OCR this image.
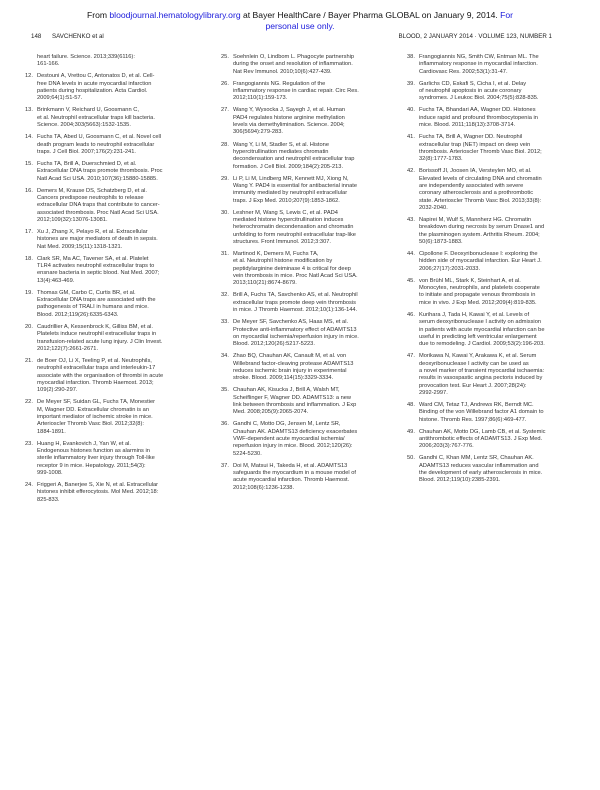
From bloodjournal.hematologylibrary.org at Bayer HealthCare / Bayer Pharma GLOBAL on January 9, 2014. For
personal use only.
148 SAVCHENKO et al	BLOOD, 2 JANUARY 2014 · VOLUME 123, NUMBER 1
heart failure. Science. 2013;339(6116):
161-166.
12. Destouni A, Vrettou C, Antonatos D, et al. Cell-
free DNA levels in acute myocardial infarction
patients during hospitalization. Acta Cardiol.
2009;64(1):51-57.
13. Brinkmann V, Reichard U, Goosmann C,
et al. Neutrophil extracellular traps kill bacteria.
Science. 2004;303(5663):1532-1535.
14. Fuchs TA, Abed U, Goosmann C, et al. Novel cell
death program leads to neutrophil extracellular
traps. J Cell Biol. 2007;176(2):231-241.
15. Fuchs TA, Brill A, Duerschmied D, et al.
Extracellular DNA traps promote thrombosis. Proc
Natl Acad Sci USA. 2010;107(36):15880-15885.
16. Demers M, Krause DS, Schatzberg D, et al.
Cancers predispose neutrophils to release
extracellular DNA traps that contribute to cancer-
associated thrombosis. Proc Natl Acad Sci USA.
2012;109(32):13076-13081.
17. Xu J, Zhang X, Pelayo R, et al. Extracellular
histones are major mediators of death in sepsis.
Nat Med. 2009;15(11):1318-1321.
18. Clark SR, Ma AC, Tavener SA, et al. Platelet
TLR4 activates neutrophil extracellular traps to
ensnare bacteria in septic blood. Nat Med. 2007;
13(4):463-469.
19. Thomas GM, Carbo C, Curtis BR, et al.
Extracellular DNA traps are associated with the
pathogenesis of TRALI in humans and mice.
Blood. 2012;119(26):6335-6343.
20. Caudrillier A, Kessenbrock K, Gilliss BM, et al.
Platelets induce neutrophil extracellular traps in
transfusion-related acute lung injury. J Clin Invest.
2012;122(7):2661-2671.
21. de Boer OJ, Li X, Teeling P, et al. Neutrophils,
neutrophil extracellular traps and interleukin-17
associate with the organisation of thrombi in acute
myocardial infarction. Thromb Haemost. 2013;
109(2):290-297.
22. De Meyer SF, Suidan GL, Fuchs TA, Monestier
M, Wagner DD. Extracellular chromatin is an
important mediator of ischemic stroke in mice.
Arterioscler Thromb Vasc Biol. 2012;32(8):
1884-1891.
23. Huang H, Evankovich J, Yan W, et al.
Endogenous histones function as alarmins in
sterile inflammatory liver injury through Toll-like
receptor 9 in mice. Hepatology. 2011;54(3):
999-1008.
24. Friggeri A, Banerjee S, Xie N, et al. Extracellular
histones inhibit efferocytosis. Mol Med. 2012;18:
825-833.
25. Soehnlein O, Lindbom L. Phagocyte partnership
during the onset and resolution of inflammation.
Nat Rev Immunol. 2010;10(6):427-439.
26. Frangogiannis NG. Regulation of the
inflammatory response in cardiac repair. Circ Res.
2012;110(1):159-173.
27. Wang Y, Wysocka J, Sayegh J, et al. Human
PAD4 regulates histone arginine methylation
levels via demethylimination. Science. 2004;
306(5694):279-283.
28. Wang Y, Li M, Stadler S, et al. Histone
hypercitrullination mediates chromatin
decondensation and neutrophil extracellular trap
formation. J Cell Biol. 2009;184(2):205-213.
29. Li P, Li M, Lindberg MR, Kennett MJ, Xiong N,
Wang Y. PAD4 is essential for antibacterial innate
immunity mediated by neutrophil extracellular
traps. J Exp Med. 2010;207(9):1853-1862.
30. Leshner M, Wang S, Lewis C, et al. PAD4
mediated histone hypercitrullination induces
heterochromatin decondensation and chromatin
unfolding to form neutrophil extracellular trap-like
structures. Front Immunol. 2012;3:307.
31. Martinod K, Demers M, Fuchs TA,
et al. Neutrophil histone modification by
peptidylarginine deiminase 4 is critical for deep
vein thrombosis in mice. Proc Natl Acad Sci USA.
2013;110(21):8674-8679.
32. Brill A, Fuchs TA, Savchenko AS, et al. Neutrophil
extracellular traps promote deep vein thrombosis
in mice. J Thromb Haemost. 2012;10(1):136-144.
33. De Meyer SF, Savchenko AS, Haas MS, et al.
Protective anti-inflammatory effect of ADAMTS13
on myocardial ischemia/reperfusion injury in mice.
Blood. 2012;120(26):5217-5223.
34. Zhao BQ, Chauhan AK, Canault M, et al. von
Willebrand factor-cleaving protease ADAMTS13
reduces ischemic brain injury in experimental
stroke. Blood. 2009;114(15):3329-3334.
35. Chauhan AK, Kisucka J, Brill A, Walsh MT,
Scheiflinger F, Wagner DD. ADAMTS13: a new
link between thrombosis and inflammation. J Exp
Med. 2008;205(9):2065-2074.
36. Gandhi C, Motto DG, Jensen M, Lentz SR,
Chauhan AK. ADAMTS13 deficiency exacerbates
VWF-dependent acute myocardial ischemia/
reperfusion injury in mice. Blood. 2012;120(26):
5224-5230.
37. Doi M, Matsui H, Takeda H, et al. ADAMTS13
safeguards the myocardium in a mouse model of
acute myocardial infarction. Thromb Haemost.
2012;108(6):1236-1238.
38. Frangogiannis NG, Smith CW, Entman ML. The
inflammatory response in myocardial infarction.
Cardiovasc Res. 2002;53(1):31-47.
39. Garlichs CD, Eskafi S, Cicha I, et al. Delay
of neutrophil apoptosis in acute coronary
syndromes. J Leukoc Biol. 2004;75(5):828-835.
40. Fuchs TA, Bhandari AA, Wagner DD. Histones
induce rapid and profound thrombocytopenia in
mice. Blood. 2011;118(13):3708-3714.
41. Fuchs TA, Brill A, Wagner DD. Neutrophil
extracellular trap (NET) impact on deep vein
thrombosis. Arterioscler Thromb Vasc Biol. 2012;
32(8):1777-1783.
42. Borissoff JI, Joosen IA, Versteylen MO, et al.
Elevated levels of circulating DNA and chromatin
are independently associated with severe
coronary atherosclerosis and a prothrombotic
state. Arterioscler Thromb Vasc Biol. 2013;33(8):
2032-2040.
43. Napirei M, Wulf S, Mannherz HG. Chromatin
breakdown during necrosis by serum Dnase1 and
the plasminogen system. Arthritis Rheum. 2004;
50(6):1873-1883.
44. Cipollone F. Deoxyribonuclease I: exploring the
hidden side of myocardial infarction. Eur Heart J.
2006;27(17):2031-2033.
45. von Brühl ML, Stark K, Steinhart A, et al.
Monocytes, neutrophils, and platelets cooperate
to initiate and propagate venous thrombosis in
mice in vivo. J Exp Med. 2012;209(4):819-835.
46. Kurihara J, Tada H, Kawai Y, et al. Levels of
serum deoxyribonuclease I activity on admission
in patients with acute myocardial infarction can be
useful in predicting left ventricular enlargement
due to remodeling. J Cardiol. 2009;53(2):196-203.
47. Morikawa N, Kawai Y, Arakawa K, et al. Serum
deoxyribonuclease I activity can be used as
a novel marker of transient myocardial ischaemia:
results in vasospastic angina pectoris induced by
provocation test. Eur Heart J. 2007;28(24):
2992-2997.
48. Ward CM, Tetaz TJ, Andrews RK, Berndt MC.
Binding of the von Willebrand factor A1 domain to
histone. Thromb Res. 1997;86(6):469-477.
49. Chauhan AK, Motto DG, Lamb CB, et al. Systemic
antithrombotic effects of ADAMTS13. J Exp Med.
2006;203(3):767-776.
50. Gandhi C, Khan MM, Lentz SR, Chauhan AK.
ADAMTS13 reduces vascular inflammation and
the development of early atherosclerosis in mice.
Blood. 2012;119(10):2385-2391.
